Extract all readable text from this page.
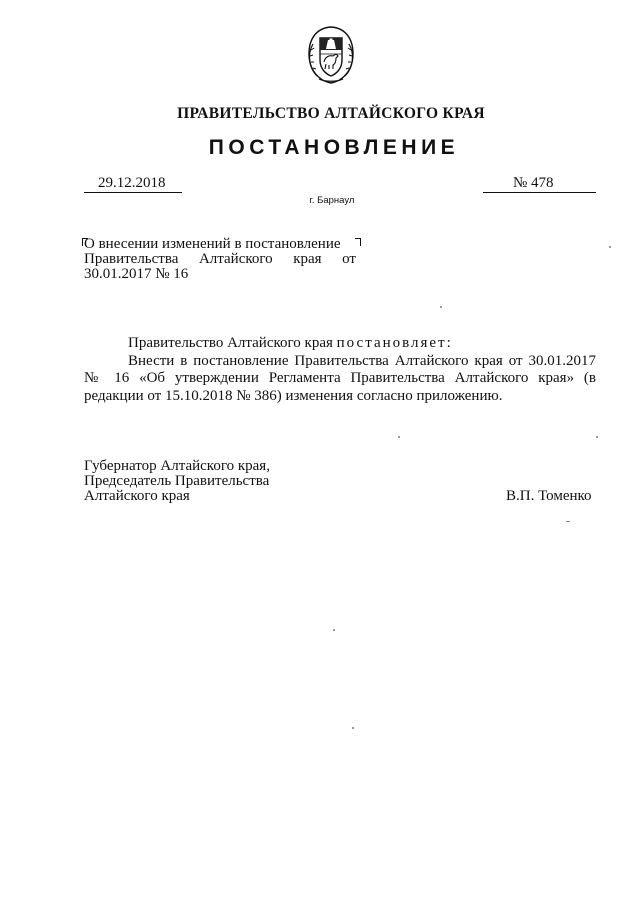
ПРАВИТЕЛЬСТВО АЛТАЙСКОГО КРАЯ
ПОСТАНОВЛЕНИЕ
29.12.2018	№ 478
г. Барнаул
О внесении изменений в постановление
Правительства Алтайского края от
30.01.2017 № 16
Правительство Алтайского края постановляет:
Внести в постановление Правительства Алтайского края от 30.01.2017 № 16 «Об утверждении Регламента Правительства Алтайского края» (в редакции от 15.10.2018 № 386) изменения согласно приложению.
Губернатор Алтайского края,
Председатель Правительства
Алтайского края	В.П. Томенко
